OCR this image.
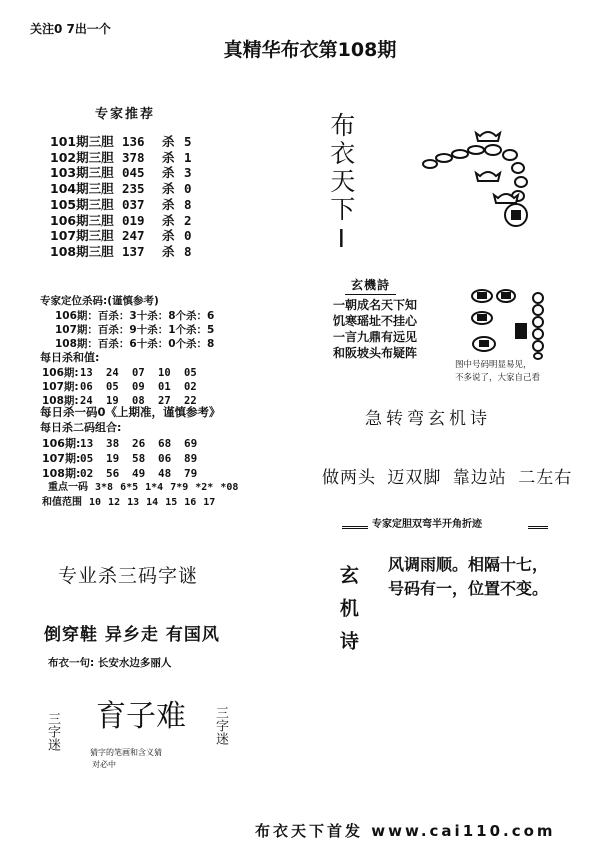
关注0 7出一个
真精华布衣第108期
专家推荐
101期三胆 136 杀 5
102期三胆 378 杀 1
103期三胆 045 杀 3
104期三胆 235 杀 0
105期三胆 037 杀 8
106期三胆 019 杀 2
107期三胆 247 杀 0
108期三胆 137 杀 8
专家定位杀码:(谨慎参考)
106期：百杀：3十杀：8个杀：6
107期：百杀：9十杀：1个杀：5
108期：百杀：6十杀：0个杀：8
每日杀和值:
106期:13 24 07 10 05
107期:06 05 09 01 02
108期:24 19 08 27 22
每日杀一码0《上期准，谨慎参考》
每日杀二码组合:
106期:13 38 26 68 69
107期:05 19 58 06 89
108期:02 56 49 48 79
重点一码 3*8 6*5 1*4 7*9 *2* *08
和值范围 10 12 13 14 15 16 17
专业杀三码字谜
倒穿鞋 异乡走 有国风
布衣一句: 长安水边多丽人
三字迷 育子难
猜字的笔画和含义猜
对必中
三字迷
布衣天下I
玄機詩
一朝成名天下知
饥寒瑶址不挂心
一言九鼎有远见
和阪坡头布疑阵
图中号码明显易见，
不多说了，大家自己看
急转弯玄机诗
做两头 迈双脚 靠边站 二左右
专家定胆双弯半开角折迹
玄机诗
风调雨顺。相隔十七，
号码有一，位置不变。
布衣天下首发 www.cai110.com
